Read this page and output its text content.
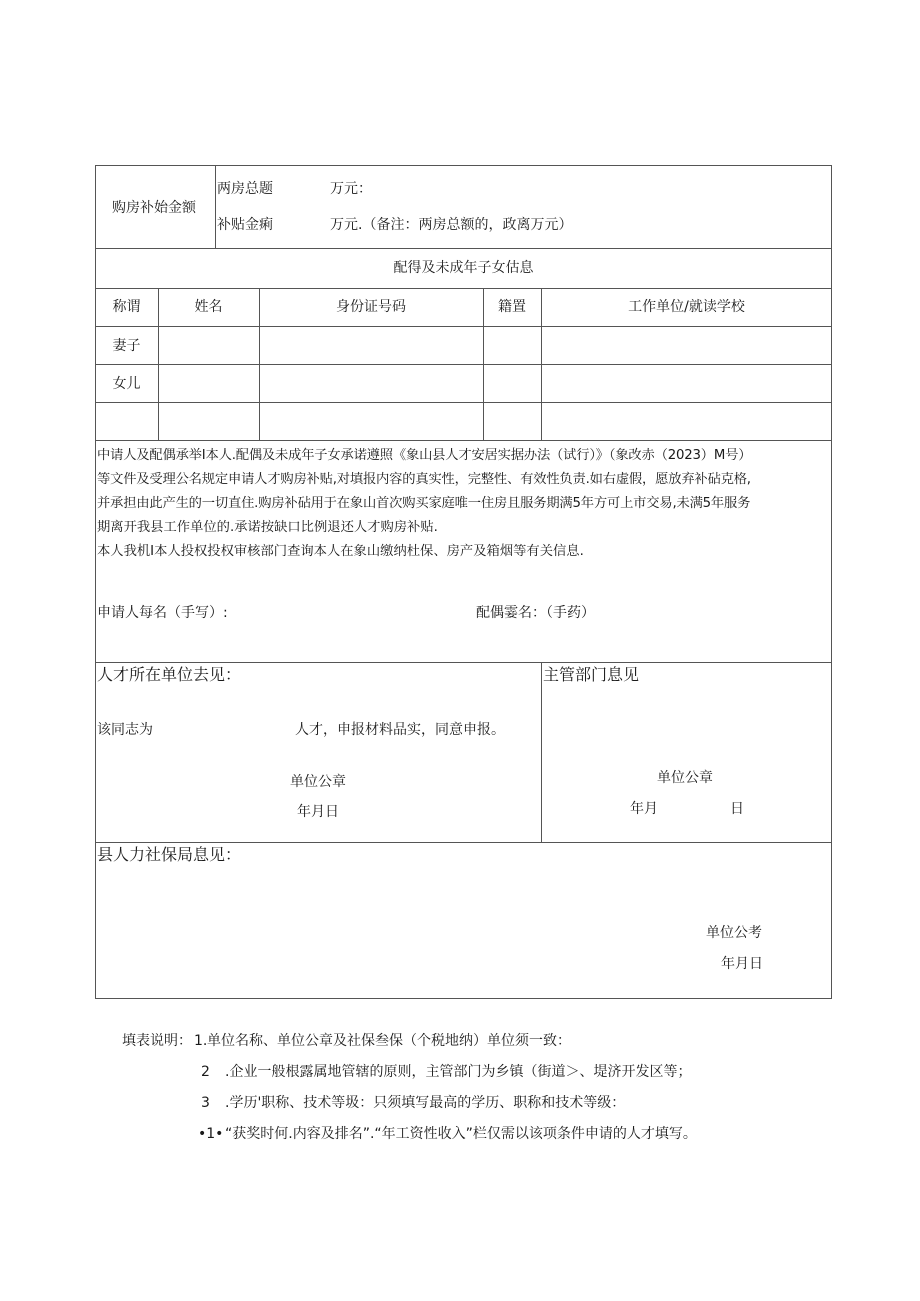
购房补始金额
两房总题	万元：
补贴金痢	万元.（备注：两房总额的，政离万元）
配得及未成年子女估息
称谓	姓名	身份证号码	籍置	工作单位/就读学校
妻子
女儿
中请人及配偶承举I本人.配偶及未成年子女承诺遵照《象山县人才安居实据办法（试行）》（象改赤（2023）M号）
等文件及受理公名规定申请人才购房补贴,对填报内容的真实性，完整性、有效性负责.如右虚假，愿放弃补砧克格,
并承担由此产生的一切直住.购房补砧用于在象山首次购买家庭唯一住房且服务期满5年方可上市交易,未满5年服务
期离开我县工作单位的.承诺按缺口比例退还人才购房补贴.
本人我机I本人投权投权审核部门查询本人在象山缴纳杜保、房产及箱烟等有关信息.
申请人每名（手写）:	配偶霎名：（手药）
人才所在单位去见：
该同志为	人才，申报材料品实，同意申报。
单位公章
年月日
主管部门息见
单位公章
年月	日
县人力社保局息见：
单位公考
年月日
填表说明： 1. 单位名称、单位公章及社保叁保（个税地纳）单位须一致：
2 .企业一般根露属地管辖的原则，主管部门为乡镇（街道＞、堤济开发区等；
3 .学历'职称、技术等圾：只须填写最高的学历、职称和技术等级：
•1• “获奖时何.内容及排名”.“年工资性收入”栏仅需以该项条件申请的人才填写。
